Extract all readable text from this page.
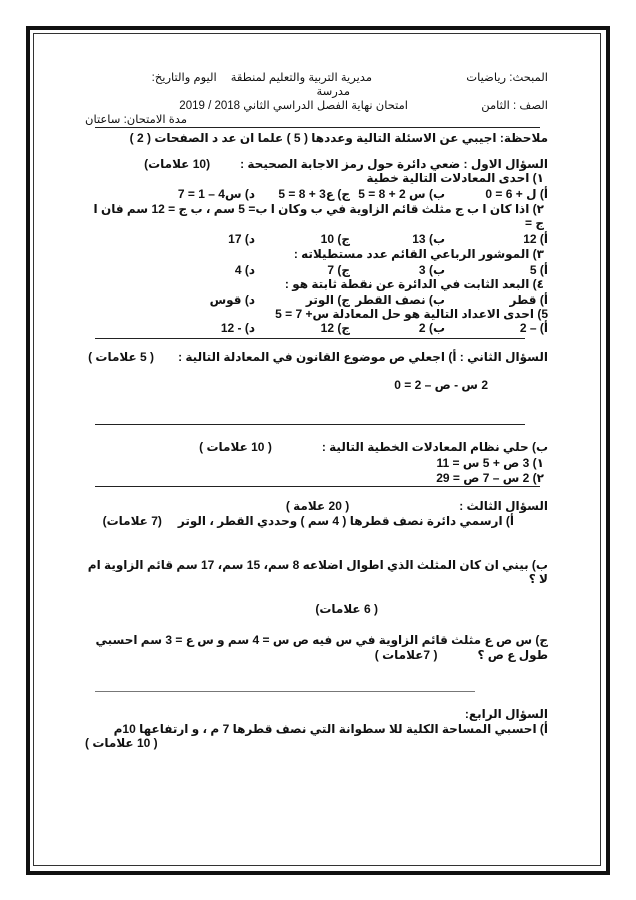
المبحث: رياضيات
مديرية التربية والتعليم لمنطقة
اليوم والتاريخ:
مدرسة
الصف : الثامن
امتحان نهاية الفصل الدراسي الثاني 2018 / 2019
مدة الامتحان: ساعتان
ملاحظة: اجيبي عن الاسئلة التالية وعددها ( 5 ) علما ان عد د الصفحات ( 2 )
السؤال الاول : ضعي دائرة حول رمز الاجابة الصحيحة :
(10 علامات)
١) احدى المعادلات التالية خطية
أ) ل + 6 = 0
ب) س 2 + 8 = 5
ج) ع3 + 8 = 5
د) س4 – 1 = 7
٢) اذا كان ا ب ج مثلث قائم الزاوية في ب وكان ا ب= 5 سم ، ب ج = 12 سم فان ا ج =
أ) 12
ب) 13
ج) 10
د) 17
٣) الموشور الرباعي القائم عدد مستطيلاته :
أ) 5
ب) 3
ج) 7
د) 4
٤) البعد الثابت في الدائرة عن نقطة ثابتة هو :
أ) قطر
ب) نصف القطر
ج) الوتر
د) قوس
5) احدى الاعداد التالية هو حل المعادلة س+ 7 = 5
أ) – 2
ب) 2
ج) 12
د) - 12
السؤال الثاني : أ) اجعلي ص موضوع القانون في المعادلة التالية :
( 5 علامات )
2 س - ص – 2 = 0
ب) حلي نظام المعادلات الخطية التالية :
( 10 علامات )
١) 3 ص + 5 س = 11
٢) 2 س – 7 ص = 29
السؤال الثالث :
( 20 علامة )
أ) ارسمي دائرة نصف قطرها ( 4 سم ) وحددي القطر ، الوتر
(7 علامات)
ب) بيني ان كان المثلث الذي اطوال اضلاعه 8 سم، 15 سم، 17 سم قائم الزاوية ام لا ؟
( 6 علامات)
ج) س ص ع مثلث قائم الزاوية في س فيه ص س = 4 سم و س ع = 3 سم احسبي
طول ع ص ؟
( 7علامات )
السؤال الرابع:
أ) احسبي المساحة الكلية للا سطوانة التي نصف قطرها 7 م ، و ارتفاعها 10م
( 10 علامات )
